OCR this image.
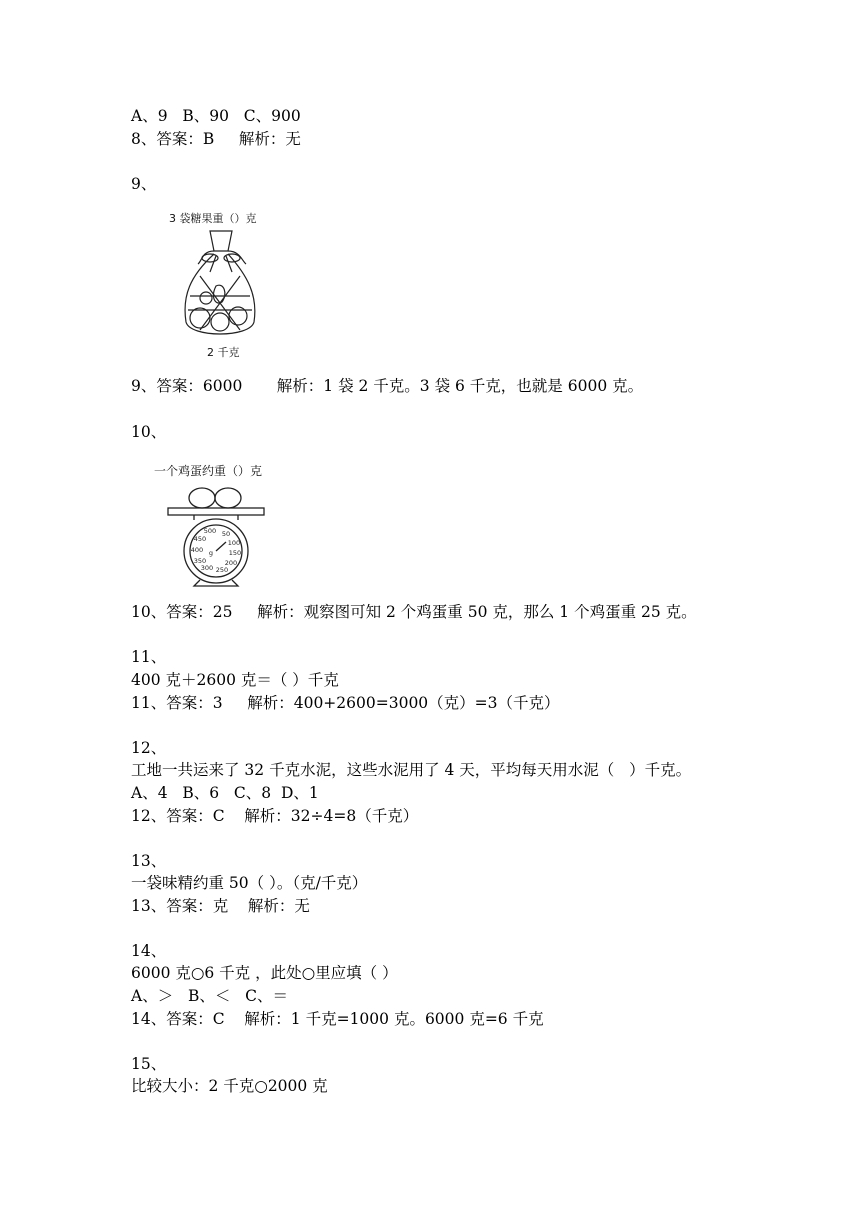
A、9   B、90   C、900
8、答案：B     解析：无
9、
3 袋糖果重（）克
2 千克
9、答案：6000       解析：1 袋 2 千克。3 袋 6 千克，也就是 6000 克。
10、
一个鸡蛋约重（）克
500 50
450	100
400	150
350	200
300 250
g
10、答案：25     解析：观察图可知 2 个鸡蛋重 50 克，那么 1 个鸡蛋重 25 克。
11、
400 克＋2600 克＝（ ）千克
11、答案：3     解析：400+2600=3000（克）=3（千克）
12、
工地一共运来了 32 千克水泥，这些水泥用了 4 天，平均每天用水泥（   ）千克。
A、4   B、6   C、8  D、1
12、答案：C    解析：32÷4=8（千克）
13、
一袋味精约重 50（ ）。（克/千克）
13、答案：克    解析：无
14、
6000 克○6 千克 ，此处○里应填（ ）
A、＞   B、＜   C、＝
14、答案：C    解析：1 千克=1000 克。6000 克=6 千克
15、
比较大小：2 千克○2000 克
